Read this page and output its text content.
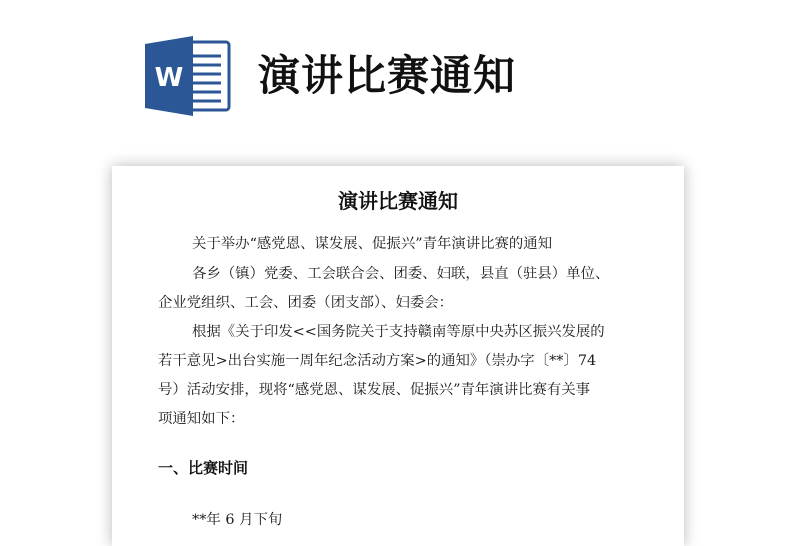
W 演讲比赛通知
演讲比赛通知
关于举办“感党恩、谋发展、促振兴”青年演讲比赛的通知
各乡（镇）党委、工会联合会、团委、妇联，县直（驻县）单位、
企业党组织、工会、团委（团支部）、妇委会：
根据《关于印发<<国务院关于支持赣南等原中央苏区振兴发展的
若干意见>出台实施一周年纪念活动方案>的通知》（崇办字〔**〕74
号）活动安排，现将“感党恩、谋发展、促振兴”青年演讲比赛有关事
项通知如下：
一、比赛时间
**年 6 月下旬
